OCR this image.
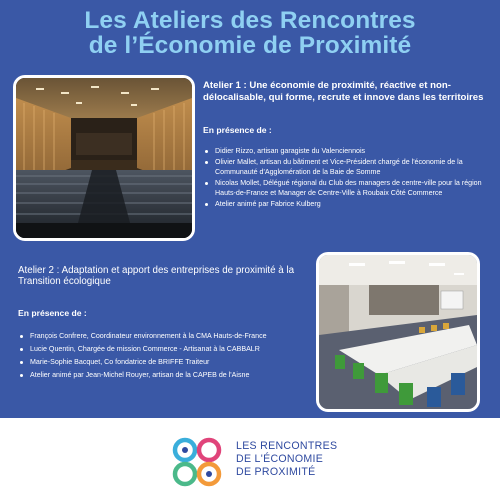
Les Ateliers des Rencontres
de l’Économie de Proximité
Atelier 1 : Une économie de proximité, réactive et non-délocalisable, qui forme, recrute et innove dans les territoires
En présence de :
Didier Rizzo, artisan garagiste du Valenciennois
Olivier Mallet, artisan du bâtiment et Vice-Président chargé de l'économie de la Communauté d'Agglomération de la Baie de Somme
Nicolas Mollet, Délégué régional du Club des managers de centre-ville pour la région Hauts-de-France et Manager de Centre-Ville à Roubaix Côté Commerce
Atelier animé par Fabrice Kulberg
Atelier 2 : Adaptation et apport des entreprises de proximité à la Transition écologique
En présence de :
François Confrere, Coordinateur environnement à la CMA Hauts-de-France
Lucie Quentin, Chargée de mission Commerce - Artisanat à la CABBALR
Marie-Sophie Bacquet, Co fondatrice de BRIFFE Traiteur
Atelier animé par Jean-Michel Rouyer, artisan de la CAPEB de l'Aisne
LES RENCONTRES
DE L'ÉCONOMIE
DE PROXIMITÉ
